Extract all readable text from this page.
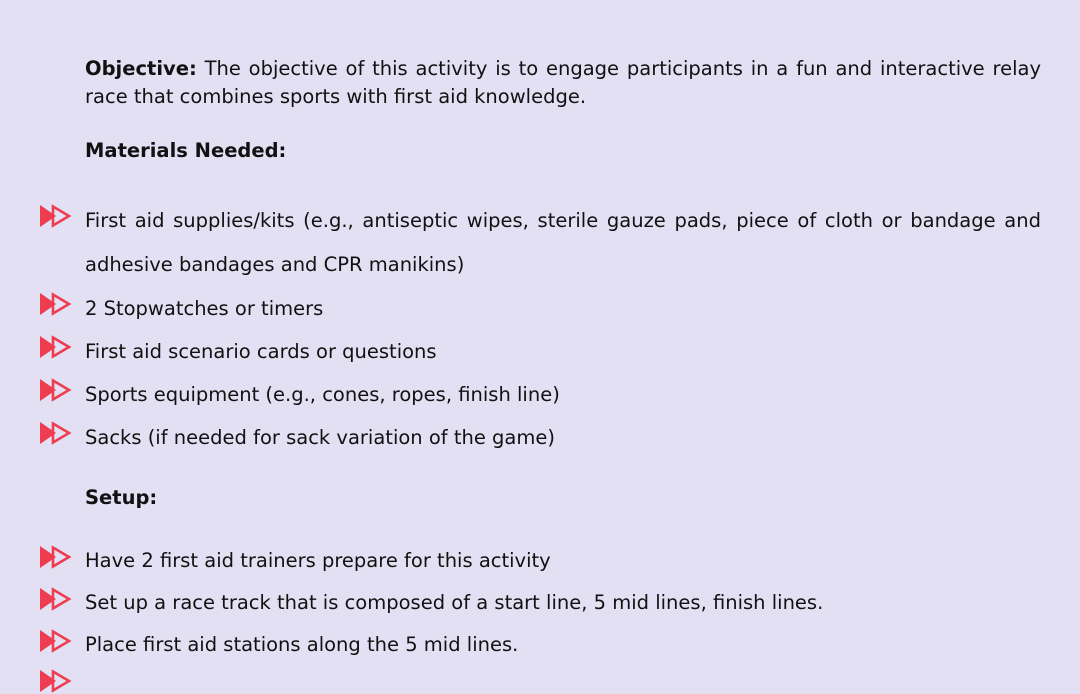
Objective: The objective of this activity is to engage participants in a fun and interactive relay race that combines sports with first aid knowledge.

Materials Needed:

First aid supplies/kits (e.g., antiseptic wipes, sterile gauze pads, piece of cloth or bandage and adhesive bandages and CPR manikins)
2 Stopwatches or timers
First aid scenario cards or questions
Sports equipment (e.g., cones, ropes, finish line)
Sacks (if needed for sack variation of the game)

Setup:

Have 2 first aid trainers prepare for this activity
Set up a race track that is composed of a start line, 5 mid lines, finish lines.
Place first aid stations along the 5 mid lines.
